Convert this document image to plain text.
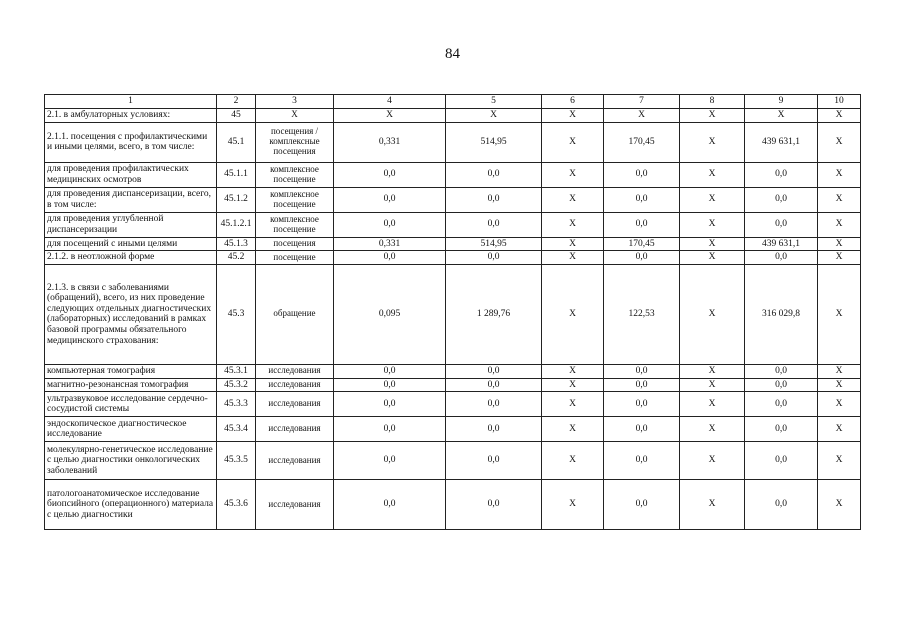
84
1	2	3	4	5	6	7	8	9	10
2.1. в амбулаторных условиях:	45	Х	Х	Х	Х	Х	Х	Х	Х
2.1.1. посещения с профилактическими и иными целями, всего, в том числе:	45.1	посещения / комплексные посещения	0,331	514,95	Х	170,45	Х	439 631,1	Х
для проведения профилактических медицинских осмотров	45.1.1	комплексное посещение	0,0	0,0	Х	0,0	Х	0,0	Х
для проведения диспансеризации, всего, в том числе:	45.1.2	комплексное посещение	0,0	0,0	Х	0,0	Х	0,0	Х
для проведения углубленной диспансеризации	45.1.2.1	комплексное посещение	0,0	0,0	Х	0,0	Х	0,0	Х
для посещений с иными целями	45.1.3	посещения	0,331	514,95	Х	170,45	Х	439 631,1	Х
2.1.2. в неотложной форме	45.2	посещение	0,0	0,0	Х	0,0	Х	0,0	Х
2.1.3. в связи с заболеваниями (обращений), всего, из них проведение следующих отдельных диагностических (лабораторных) исследований в рамках базовой программы обязательного медицинского страхования:	45.3	обращение	0,095	1 289,76	Х	122,53	Х	316 029,8	Х
компьютерная томография	45.3.1	исследования	0,0	0,0	Х	0,0	Х	0,0	Х
магнитно-резонансная томография	45.3.2	исследования	0,0	0,0	Х	0,0	Х	0,0	Х
ультразвуковое исследование сердечно-сосудистой системы	45.3.3	исследования	0,0	0,0	Х	0,0	Х	0,0	Х
эндоскопическое диагностическое исследование	45.3.4	исследования	0,0	0,0	Х	0,0	Х	0,0	Х
молекулярно-генетическое исследование с целью диагностики онкологических заболеваний	45.3.5	исследования	0,0	0,0	Х	0,0	Х	0,0	Х
патологоанатомическое исследование биопсийного (операционного) материала с целью диагностики	45.3.6	исследования	0,0	0,0	Х	0,0	Х	0,0	Х
